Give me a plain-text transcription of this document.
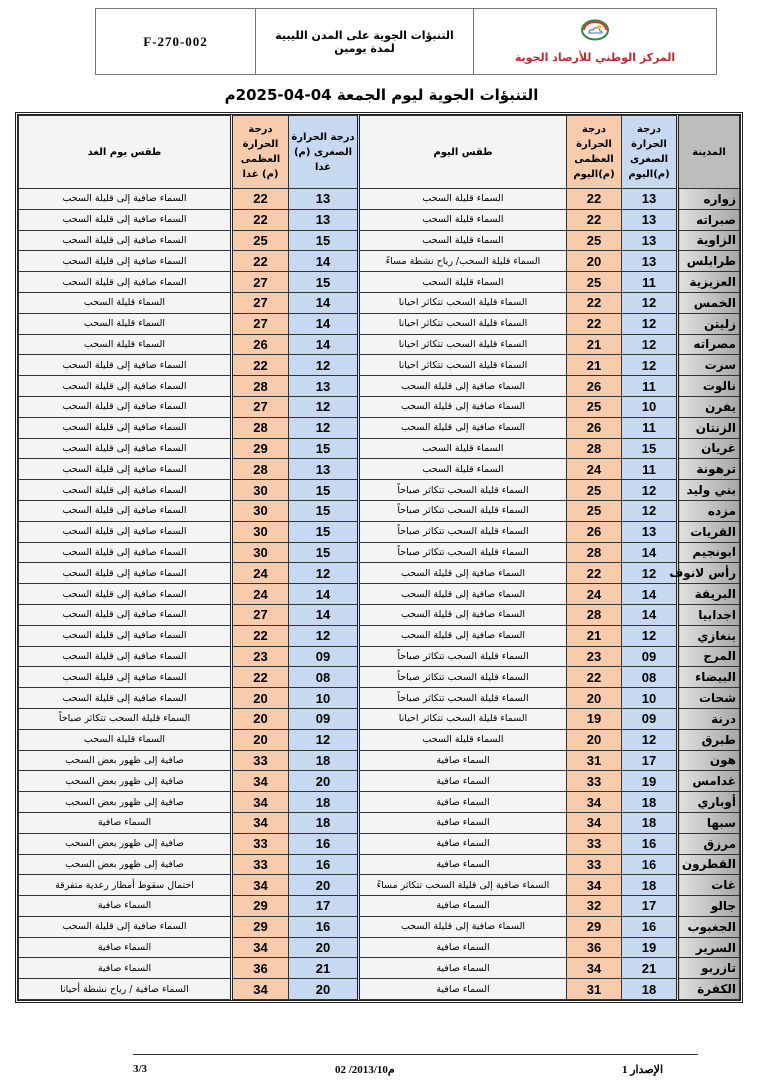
المركز الوطني للأرصاد الجوية
التنبؤات الجوية على المدن الليبية
لمدة يومين
F-270-002
التنبؤات الجوية ليوم الجمعة 04-04-2025م
المدينة	درجة الحرارة الصغرى (م)اليوم	درجة الحرارة العظمى (م)اليوم	طقس اليوم	درجة الحرارة الصغرى (م) غدا	درجة الحرارة العظمى (م) غدا	طقس يوم الغد
زواره	13	22	السماء قليلة السحب	13	22	السماء صافية إلى قليلة السحب
صبراته	13	22	السماء قليلة السحب	13	22	السماء صافية إلى قليلة السحب
الزاوية	13	25	السماء قليلة السحب	15	25	السماء صافية إلى قليلة السحب
طرابلس	13	20	السماء قليلة السحب/ رياح نشطة مساءً	14	22	السماء صافية إلى قليلة السحب
العزيزية	11	25	السماء قليلة السحب	15	27	السماء صافية إلى قليلة السحب
الخمس	12	22	السماء قليلة السحب تتكاثر احيانا	14	27	السماء قليلة السحب
زليتن	12	22	السماء قليلة السحب تتكاثر احيانا	14	27	السماء قليلة السحب
مصراته	12	21	السماء قليلة السحب تتكاثر احيانا	14	26	السماء قليلة السحب
سرت	12	21	السماء قليلة السحب تتكاثر احيانا	12	22	السماء صافية إلى قليلة السحب
نالوت	11	26	السماء صافية إلى قليلة السحب	13	28	السماء صافية إلى قليلة السحب
يفرن	10	25	السماء صافية إلى قليلة السحب	12	27	السماء صافية إلى قليلة السحب
الزنتان	11	26	السماء صافية إلى قليلة السحب	12	28	السماء صافية إلى قليلة السحب
غريان	15	28	السماء قليلة السحب	15	29	السماء صافية إلى قليلة السحب
ترهونة	11	24	السماء قليلة السحب	13	28	السماء صافية إلى قليلة السحب
بني وليد	12	25	السماء قليلة السحب تتكاثر صباحاً	15	30	السماء صافية إلى قليلة السحب
مزده	12	25	السماء قليلة السحب تتكاثر صباحاً	15	30	السماء صافية إلى قليلة السحب
القريات	13	26	السماء قليلة السحب تتكاثر صباحاً	15	30	السماء صافية إلى قليلة السحب
ابونجيم	14	28	السماء قليلة السحب تتكاثر صباحاً	15	30	السماء صافية إلى قليلة السحب
رأس لانوف	12	22	السماء صافية إلى قليلة السحب	12	24	السماء صافية إلى قليلة السحب
البريقة	14	24	السماء صافية إلى قليلة السحب	14	24	السماء صافية إلى قليلة السحب
اجدابيا	14	28	السماء صافية إلى قليلة السحب	14	27	السماء صافية إلى قليلة السحب
بنغازي	12	21	السماء صافية إلى قليلة السحب	12	22	السماء صافية إلى قليلة السحب
المرج	09	23	السماء قليلة السحب تتكاثر صباحاً	09	23	السماء صافية إلى قليلة السحب
البيضاء	08	22	السماء قليلة السحب تتكاثر صباحاً	08	22	السماء صافية إلى قليلة السحب
شحات	10	20	السماء قليلة السحب تتكاثر صباحاً	10	20	السماء صافية إلى قليلة السحب
درنة	09	19	السماء قليلة السحب تتكاثر احيانا	09	20	السماء قليلة السحب تتكاثر صباحاً
طبرق	12	20	السماء قليلة السحب	12	20	السماء قليلة السحب
هون	17	31	السماء صافية	18	33	صافية إلى ظهور بعض السحب
غدامس	19	33	السماء صافية	20	34	صافية إلى ظهور بعض السحب
أوباري	18	34	السماء صافية	18	34	صافية إلى ظهور بعض السحب
سبها	18	34	السماء صافية	18	34	السماء صافية
مرزق	16	33	السماء صافية	16	33	صافية إلى ظهور بعض السحب
القطرون	16	33	السماء صافية	16	33	صافية إلى ظهور بعض السحب
غات	18	34	السماء صافية إلى قليلة السحب تتكاثر مساءً	20	34	احتمال سقوط أمطار رعدية متفرقة
جالو	17	32	السماء صافية	17	29	السماء صافية
الجغبوب	16	29	السماء صافية إلى قليلة السحب	16	29	السماء صافية إلى قليلة السحب
السرير	19	36	السماء صافية	20	34	السماء صافية
تازربو	21	34	السماء صافية	21	36	السماء صافية
الكفرة	18	31	السماء صافية	20	34	السماء صافية / رياح نشطة أحيانا
الإصدار 1
02 /2013/10م
3/3
